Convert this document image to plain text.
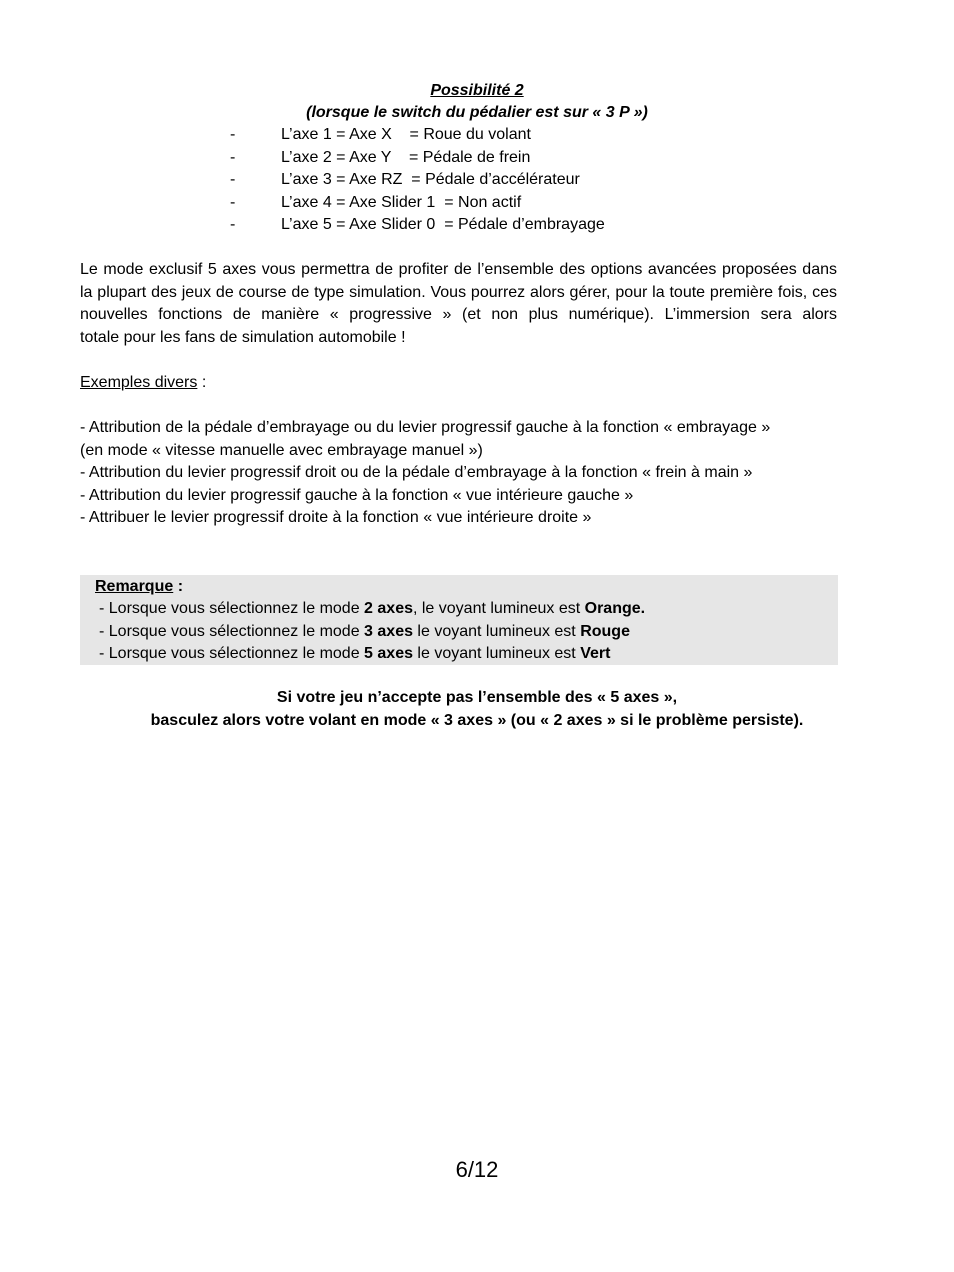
Possibilité 2
(lorsque le switch du pédalier est sur « 3 P »)
-	L’axe 1 = Axe X    = Roue du volant
-	L’axe 2 = Axe Y    = Pédale de frein
-	L’axe 3 = Axe RZ  = Pédale d’accélérateur
-	L’axe 4 = Axe Slider 1  = Non actif
-	L’axe 5 = Axe Slider 0  = Pédale d’embrayage
Le mode exclusif 5 axes vous permettra de profiter de l’ensemble des options avancées proposées dans
la plupart des jeux de course de type simulation. Vous pourrez alors gérer, pour la toute première fois, ces
nouvelles fonctions de manière « progressive » (et non plus numérique). L’immersion sera alors
totale pour les fans de simulation automobile !
Exemples divers :
- Attribution de la pédale d’embrayage ou du levier progressif gauche à la fonction « embrayage »
(en mode « vitesse manuelle avec embrayage manuel »)
- Attribution du levier progressif droit ou de la pédale d’embrayage à la fonction « frein à main »
- Attribution du levier progressif gauche à la fonction « vue intérieure gauche »
- Attribuer le levier progressif droite à la fonction « vue intérieure droite »
Remarque :
- Lorsque vous sélectionnez le mode 2 axes, le voyant lumineux est Orange.
- Lorsque vous sélectionnez le mode 3 axes le voyant lumineux est Rouge
- Lorsque vous sélectionnez le mode 5 axes le voyant lumineux est Vert
Si votre jeu n’accepte pas l’ensemble des « 5 axes »,
basculez alors votre volant en mode « 3 axes » (ou « 2 axes » si le problème persiste).
6/12
